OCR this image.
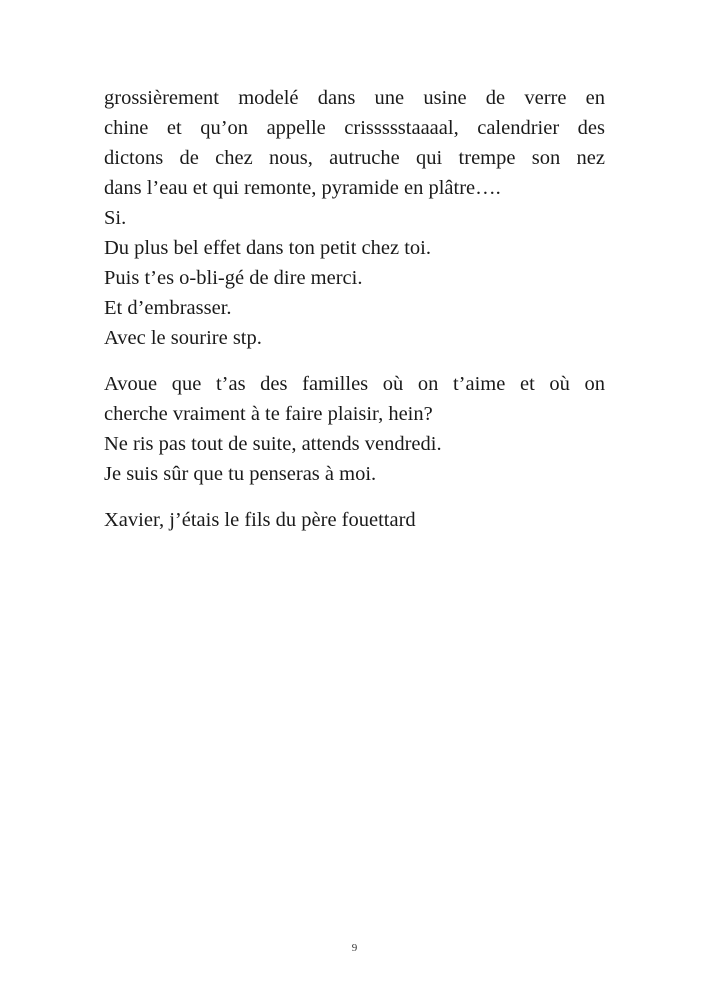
grossièrement modelé dans une usine de verre en
chine et qu’on appelle crissssstaaaal, calendrier des
dictons de chez nous, autruche qui trempe son nez
dans l’eau et qui remonte, pyramide en plâtre….
Si.
Du plus bel effet dans ton petit chez toi.
Puis t’es o-bli-gé de dire merci.
Et d’embrasser.
Avec le sourire stp.

Avoue que t’as des familles où on t’aime et où on
cherche vraiment à te faire plaisir, hein?
Ne ris pas tout de suite, attends vendredi.
Je suis sûr que tu penseras à moi.

Xavier, j’étais le fils du père fouettard

9
